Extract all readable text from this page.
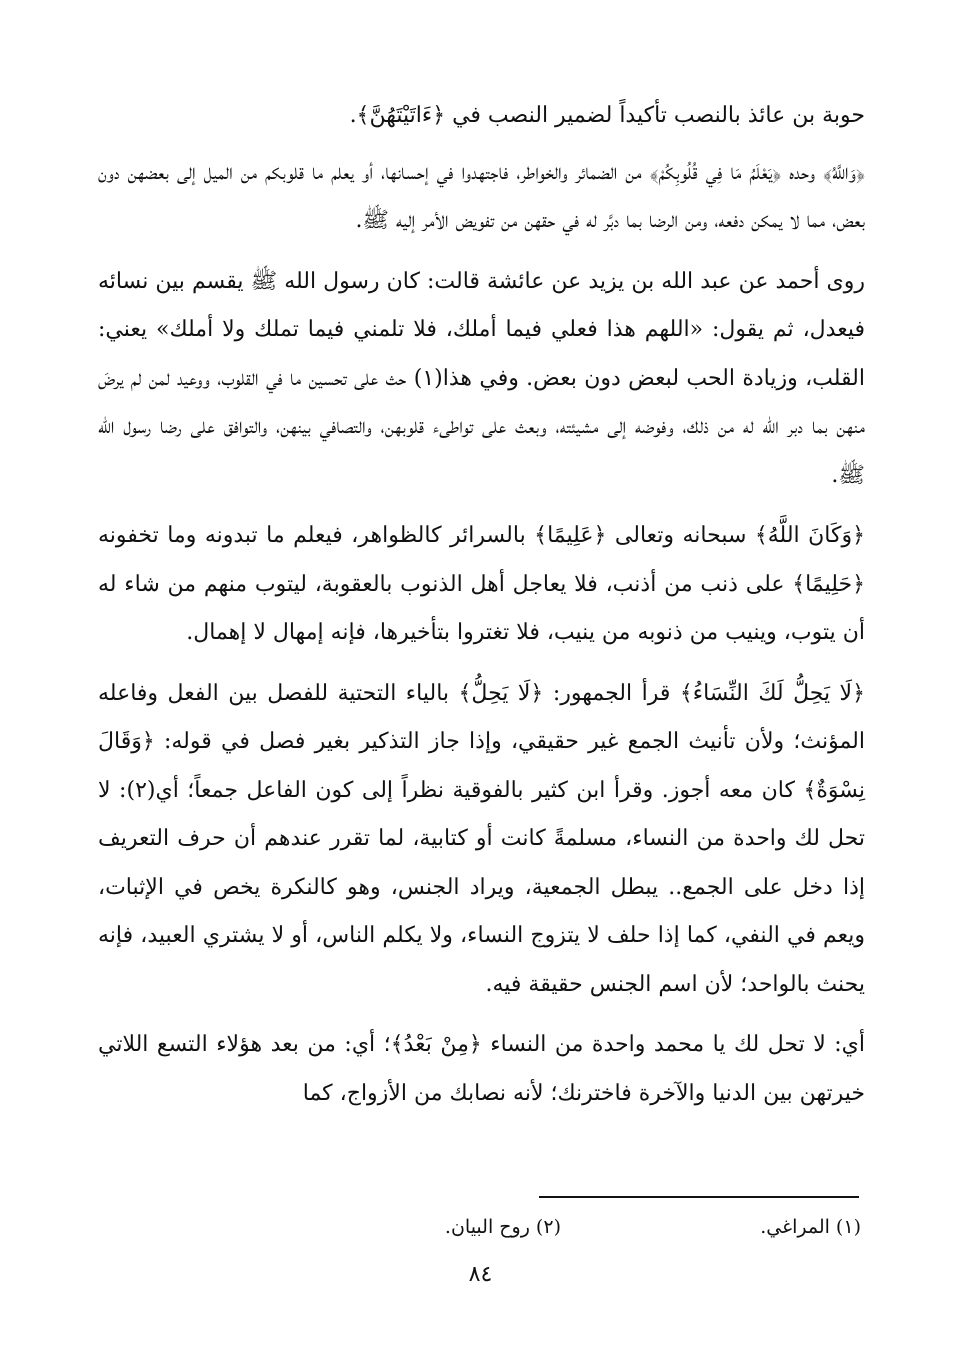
حوبة بن عائذ بالنصب تأكيداً لضمير النصب في ﴿ءَاتَيْتَهُنَّ﴾.

﴿وَاللَّهُ﴾ وحده ﴿يَعْلَمُ مَا فِي قُلُوبِكُمْ﴾ من الضمائر والخواطر، فاجتهدوا في إحسانها، أو يعلم ما قلوبكم من الميل إلى بعضهن دون بعض، مما لا يمكن دفعه، ومن الرضا بما دبَّر له في حقهن من تفويض الأمر إليه ﷺ.

روى أحمد عن عبد الله بن يزيد عن عائشة قالت: كان رسول الله ﷺ يقسم بين نسائه فيعدل، ثم يقول: «اللهم هذا فعلي فيما أملك، فلا تلمني فيما تملك ولا أملك» يعني: القلب، وزيادة الحب لبعض دون بعض. وفي هذا(١) حث على تحسين ما في القلوب، ووعيد لمن لم يرضَ منهن بما دبر الله له من ذلك، وفوضه إلى مشيئته، وبعث على تواطىء قلوبهن، والتصافي بينهن، والتوافق على رضا رسول الله ﷺ.

﴿وَكَانَ اللَّهُ﴾ سبحانه وتعالى ﴿عَلِيمًا﴾ بالسرائر كالظواهر، فيعلم ما تبدونه وما تخفونه ﴿حَلِيمًا﴾ على ذنب من أذنب، فلا يعاجل أهل الذنوب بالعقوبة، ليتوب منهم من شاء له أن يتوب، وينيب من ذنوبه من ينيب، فلا تغتروا بتأخيرها، فإنه إمهال لا إهمال.

﴿لَا يَحِلُّ لَكَ النِّسَاءُ﴾ قرأ الجمهور: ﴿لَا يَحِلُّ﴾ بالياء التحتية للفصل بين الفعل وفاعله المؤنث؛ ولأن تأنيث الجمع غير حقيقي، وإذا جاز التذكير بغير فصل في قوله: ﴿وَقَالَ نِسْوَةٌ﴾ كان معه أجوز. وقرأ ابن كثير بالفوقية نظراً إلى كون الفاعل جمعاً؛ أي(٢): لا تحل لك واحدة من النساء، مسلمةً كانت أو كتابية، لما تقرر عندهم أن حرف التعريف إذا دخل على الجمع.. يبطل الجمعية، ويراد الجنس، وهو كالنكرة يخص في الإثبات، ويعم في النفي، كما إذا حلف لا يتزوج النساء، ولا يكلم الناس، أو لا يشتري العبيد، فإنه يحنث بالواحد؛ لأن اسم الجنس حقيقة فيه.

أي: لا تحل لك يا محمد واحدة من النساء ﴿مِنْ بَعْدُ﴾؛ أي: من بعد هؤلاء التسع اللاتي خيرتهن بين الدنيا والآخرة فاخترنك؛ لأنه نصابك من الأزواج، كما

(١) المراغي.
(٢) روح البيان.
٨٤
